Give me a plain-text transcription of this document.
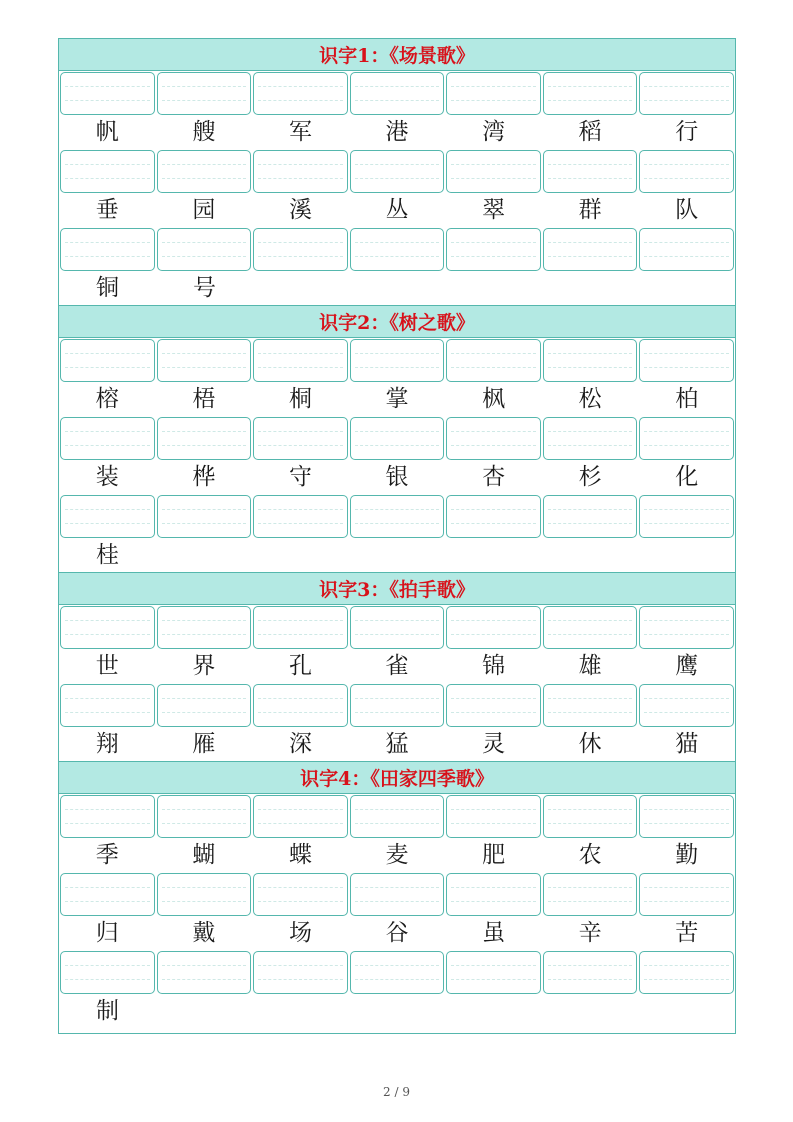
识字1：《场景歌》
帆	艘	军	港	湾	稻	行
垂	园	溪	丛	翠	群	队
铜	号
识字2：《树之歌》
榕	梧	桐	掌	枫	松	柏
装	桦	守	银	杏	杉	化
桂
识字3：《拍手歌》
世	界	孔	雀	锦	雄	鹰
翔	雁	深	猛	灵	休	猫
识字4：《田家四季歌》
季	蝴	蝶	麦	肥	农	勤
归	戴	场	谷	虽	辛	苦
制
2 / 9
